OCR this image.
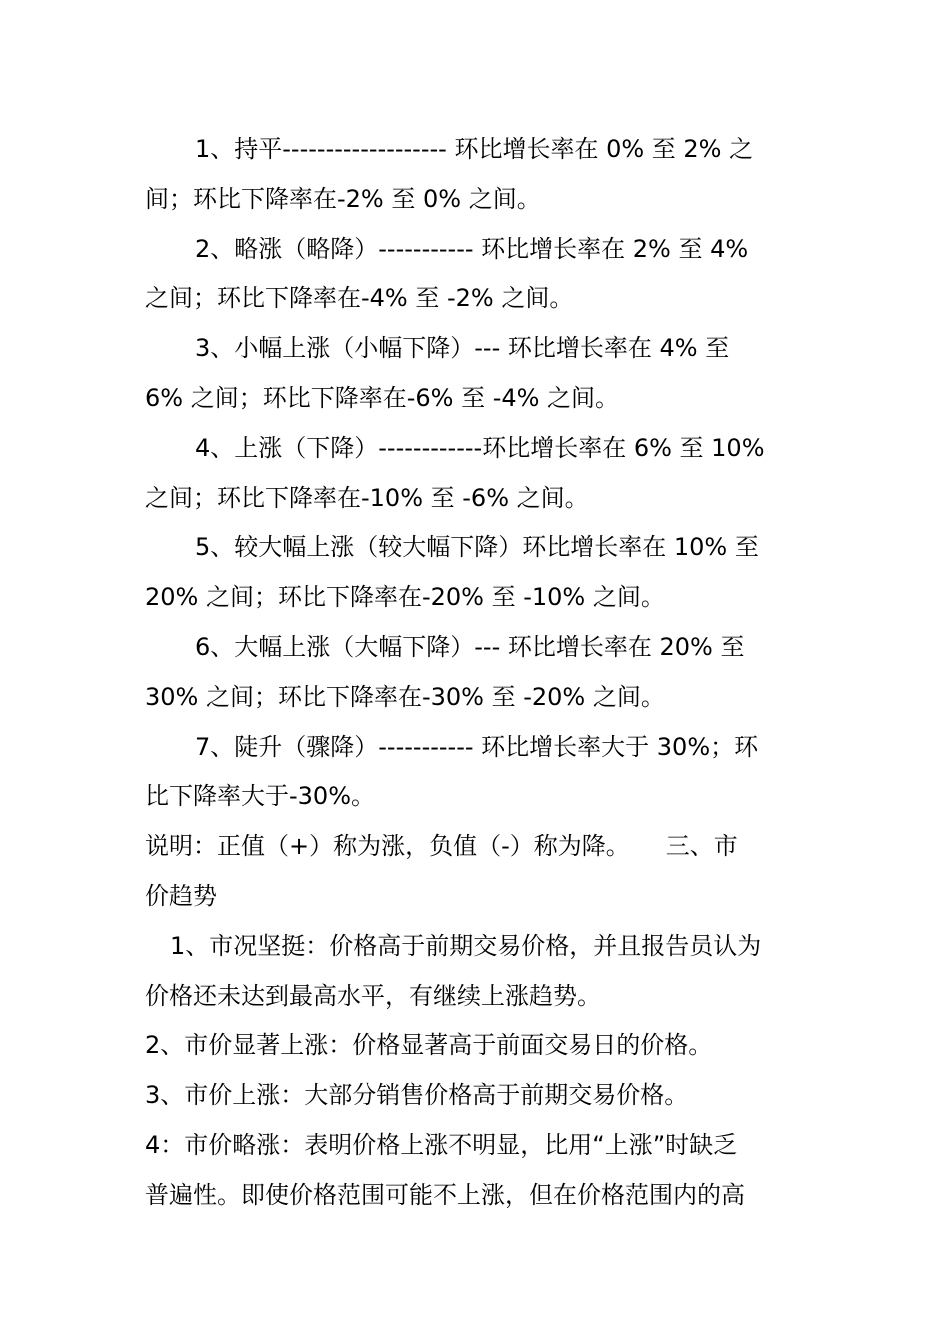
1、持平------------------- 环比增长率在 0% 至 2% 之
间；环比下降率在-2% 至 0% 之间。
2、略涨（略降）----------- 环比增长率在 2% 至 4%
之间；环比下降率在-4% 至 -2% 之间。
3、小幅上涨（小幅下降）--- 环比增长率在 4% 至
6% 之间；环比下降率在-6% 至 -4% 之间。
4、上涨（下降）------------环比增长率在 6% 至 10%
之间；环比下降率在-10% 至 -6% 之间。
5、较大幅上涨（较大幅下降）环比增长率在 10% 至
20% 之间；环比下降率在-20% 至 -10% 之间。
6、大幅上涨（大幅下降）--- 环比增长率在 20% 至
30% 之间；环比下降率在-30% 至 -20% 之间。
7、陡升（骤降）----------- 环比增长率大于 30%；环
比下降率大于-30%。
说明：正值（+）称为涨，负值（-）称为降。　　三、市
价趋势
1、市况坚挺：价格高于前期交易价格，并且报告员认为
价格还未达到最高水平，有继续上涨趋势。
2、市价显著上涨：价格显著高于前面交易日的价格。
3、市价上涨：大部分销售价格高于前期交易价格。
4：市价略涨：表明价格上涨不明显，比用“上涨”时缺乏
普遍性。即使价格范围可能不上涨，但在价格范围内的高
